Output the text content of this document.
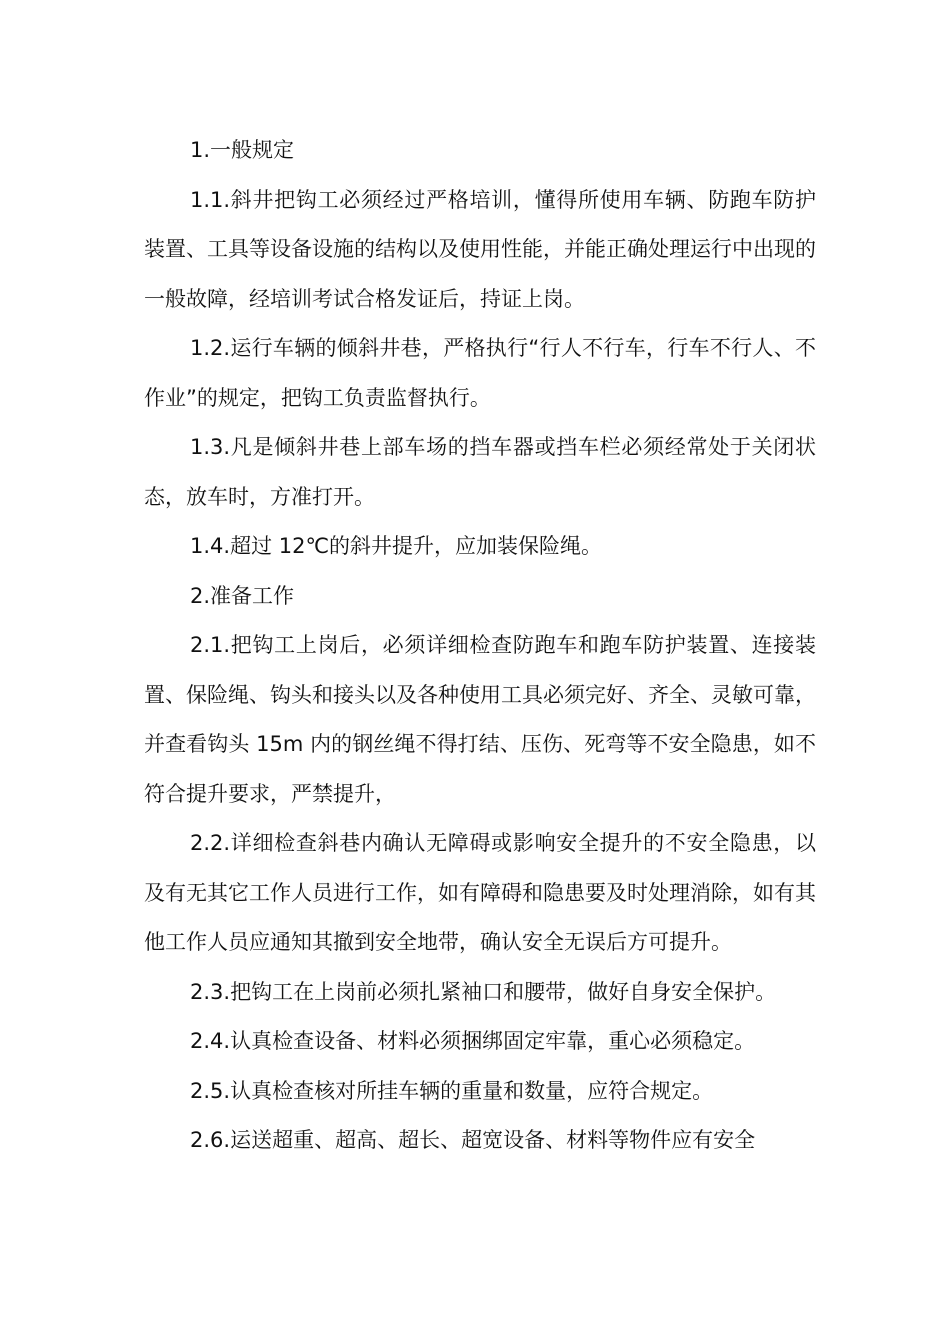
1.一般规定

1.1.斜井把钩工必须经过严格培训，懂得所使用车辆、防跑车防护装置、工具等设备设施的结构以及使用性能，并能正确处理运行中出现的一般故障，经培训考试合格发证后，持证上岗。

1.2.运行车辆的倾斜井巷，严格执行“行人不行车，行车不行人、不作业”的规定，把钩工负责监督执行。

1.3.凡是倾斜井巷上部车场的挡车器或挡车栏必须经常处于关闭状态，放车时，方准打开。

1.4.超过 12℃的斜井提升，应加装保险绳。

2.准备工作

2.1.把钩工上岗后，必须详细检查防跑车和跑车防护装置、连接装置、保险绳、钩头和接头以及各种使用工具必须完好、齐全、灵敏可靠，并查看钩头 15m 内的钢丝绳不得打结、压伤、死弯等不安全隐患，如不符合提升要求，严禁提升，

2.2.详细检查斜巷内确认无障碍或影响安全提升的不安全隐患，以及有无其它工作人员进行工作，如有障碍和隐患要及时处理消除，如有其他工作人员应通知其撤到安全地带，确认安全无误后方可提升。

2.3.把钩工在上岗前必须扎紧袖口和腰带，做好自身安全保护。

2.4.认真检查设备、材料必须捆绑固定牢靠，重心必须稳定。

2.5.认真检查核对所挂车辆的重量和数量，应符合规定。

2.6.运送超重、超高、超长、超宽设备、材料等物件应有安全
